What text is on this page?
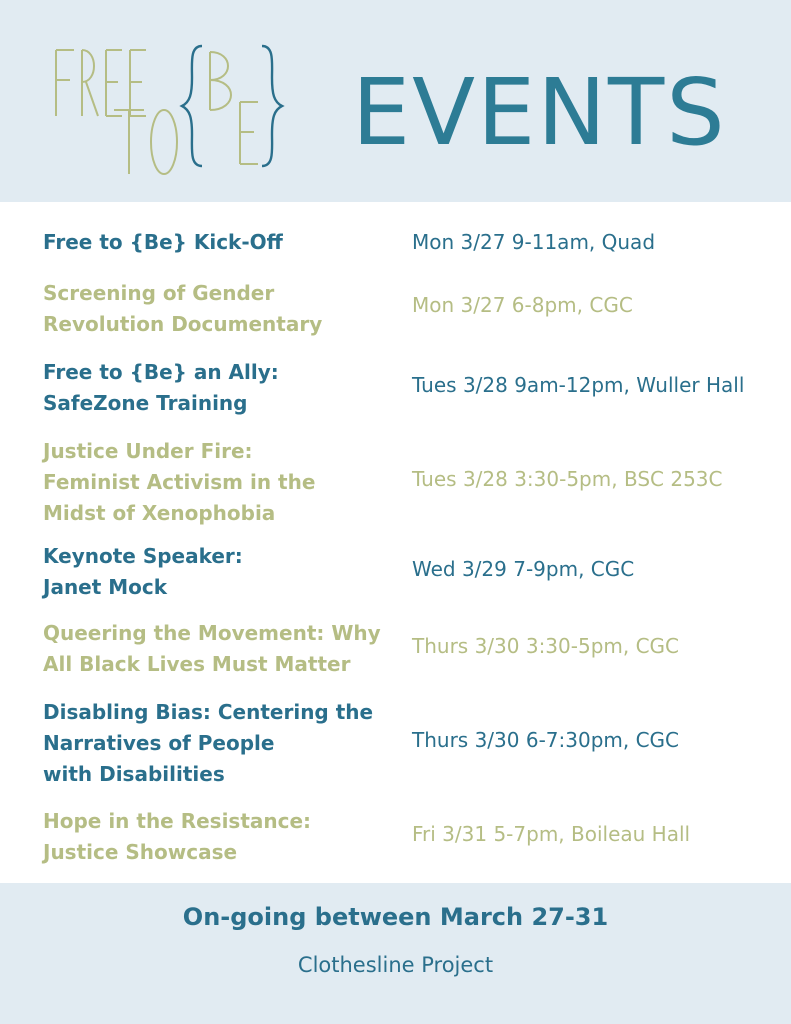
EVENTS
Free to {Be} Kick-Off	Mon 3/27 9-11am, Quad
Screening of Gender
Revolution Documentary
Mon 3/27 6-8pm, CGC
Free to {Be} an Ally:
SafeZone Training
Tues 3/28 9am-12pm, Wuller Hall
Justice Under Fire:
Feminist Activism in the
Midst of Xenophobia
Tues 3/28 3:30-5pm, BSC 253C
Keynote Speaker:
Janet Mock
Wed 3/29 7-9pm, CGC
Queering the Movement: Why
All Black Lives Must Matter
Thurs 3/30 3:30-5pm, CGC
Disabling Bias: Centering the
Narratives of People
with Disabilities
Thurs 3/30 6-7:30pm, CGC
Hope in the Resistance:
Justice Showcase
Fri 3/31 5-7pm, Boileau Hall
On-going between March 27-31
Clothesline Project
